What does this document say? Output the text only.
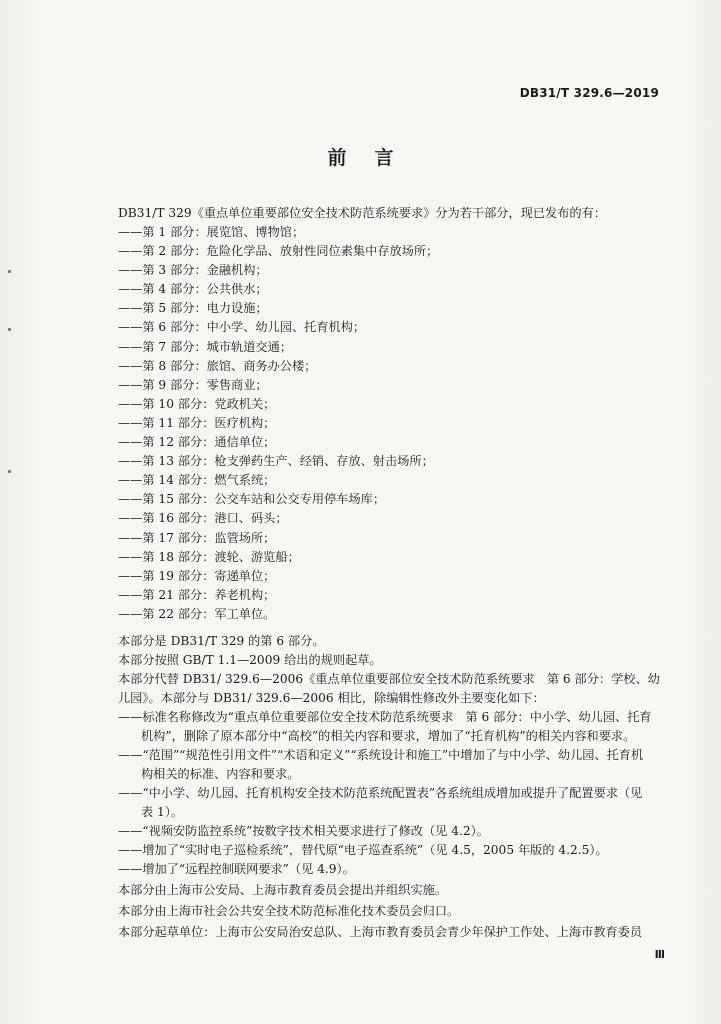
DB31/T 329.6—2019
前言
DB31/T 329《重点单位重要部位安全技术防范系统要求》分为若干部分，现已发布的有：
——第 1 部分：展览馆、博物馆；
——第 2 部分：危险化学品、放射性同位素集中存放场所；
——第 3 部分：金融机构；
——第 4 部分：公共供水；
——第 5 部分：电力设施；
——第 6 部分：中小学、幼儿园、托育机构；
——第 7 部分：城市轨道交通；
——第 8 部分：旅馆、商务办公楼；
——第 9 部分：零售商业；
——第 10 部分：党政机关；
——第 11 部分：医疗机构；
——第 12 部分：通信单位；
——第 13 部分：枪支弹药生产、经销、存放、射击场所；
——第 14 部分：燃气系统；
——第 15 部分：公交车站和公交专用停车场库；
——第 16 部分：港口、码头；
——第 17 部分：监管场所；
——第 18 部分：渡轮、游览船；
——第 19 部分：寄递单位；
——第 21 部分：养老机构；
——第 22 部分：军工单位。
本部分是 DB31/T 329 的第 6 部分。
本部分按照 GB/T 1.1—2009 给出的规则起草。
本部分代替 DB31/ 329.6—2006《重点单位重要部位安全技术防范系统要求　第 6 部分：学校、幼
儿园》。本部分与 DB31/ 329.6—2006 相比，除编辑性修改外主要变化如下：
——标准名称修改为“重点单位重要部位安全技术防范系统要求　第 6 部分：中小学、幼儿园、托育
机构”，删除了原本部分中“高校”的相关内容和要求，增加了“托育机构”的相关内容和要求。
——“范围”“规范性引用文件”“术语和定义”“系统设计和施工”中增加了与中小学、幼儿园、托育机
构相关的标准、内容和要求。
——“中小学、幼儿园、托育机构安全技术防范系统配置表”各系统组成增加或提升了配置要求（见
表 1）。
——“视频安防监控系统”按数字技术相关要求进行了修改（见 4.2）。
——增加了“实时电子巡检系统”，替代原“电子巡查系统”（见 4.5，2005 年版的 4.2.5）。
——增加了“远程控制联网要求”（见 4.9）。
本部分由上海市公安局、上海市教育委员会提出并组织实施。
本部分由上海市社会公共安全技术防范标准化技术委员会归口。
本部分起草单位：上海市公安局治安总队、上海市教育委员会青少年保护工作处、上海市教育委员
Ⅲ
